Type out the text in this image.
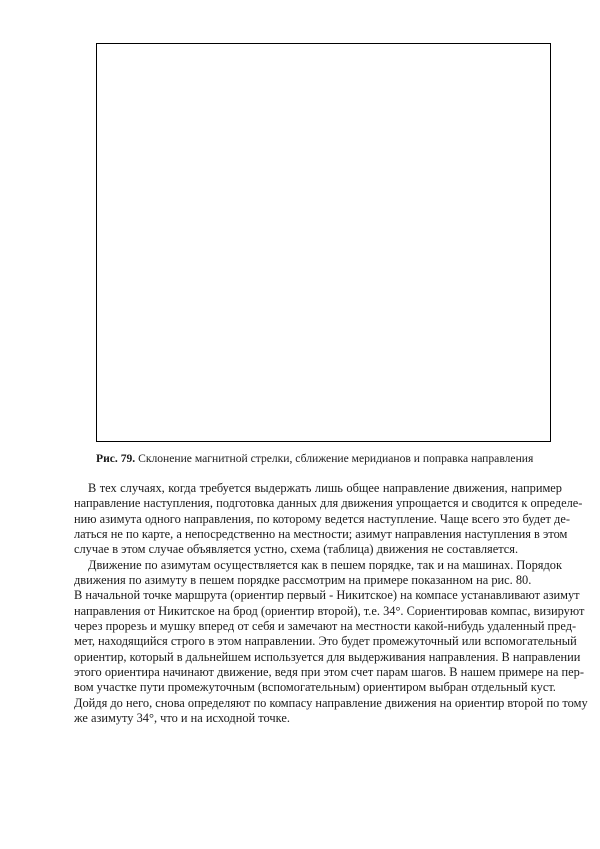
Рис. 79. Склонение магнитной стрелки, сближение меридианов и поправка направления
В тех случаях, когда требуется выдержать лишь общее направление движения, например
направление наступления, подготовка данных для движения упрощается и сводится к определе-
нию азимута одного направления, по которому ведется наступление. Чаще всего это будет де-
латься не по карте, а непосредственно на местности; азимут направления наступления в этом
случае в этом случае объявляется устно, схема (таблица) движения не составляется.
Движение по азимутам осуществляется как в пешем порядке, так и на машинах. Порядок
движения по азимуту в пешем порядке рассмотрим на примере показанном на рис. 80.
В начальной точке маршрута (ориентир первый - Никитское) на компасе устанавливают азимут
направления от Никитское на брод (ориентир второй), т.е. 34°. Сориентировав компас, визируют
через прорезь и мушку вперед от себя и замечают на местности какой-нибудь удаленный пред-
мет, находящийся строго в этом направлении. Это будет промежуточный или вспомогательный
ориентир, который в дальнейшем используется для выдерживания направления. В направлении
этого ориентира начинают движение, ведя при этом счет парам шагов. В нашем примере на пер-
вом участке пути промежуточным (вспомогательным) ориентиром выбран отдельный куст.
Дойдя до него, снова определяют по компасу направление движения на ориентир второй по тому
же азимуту 34°, что и на исходной точке.
